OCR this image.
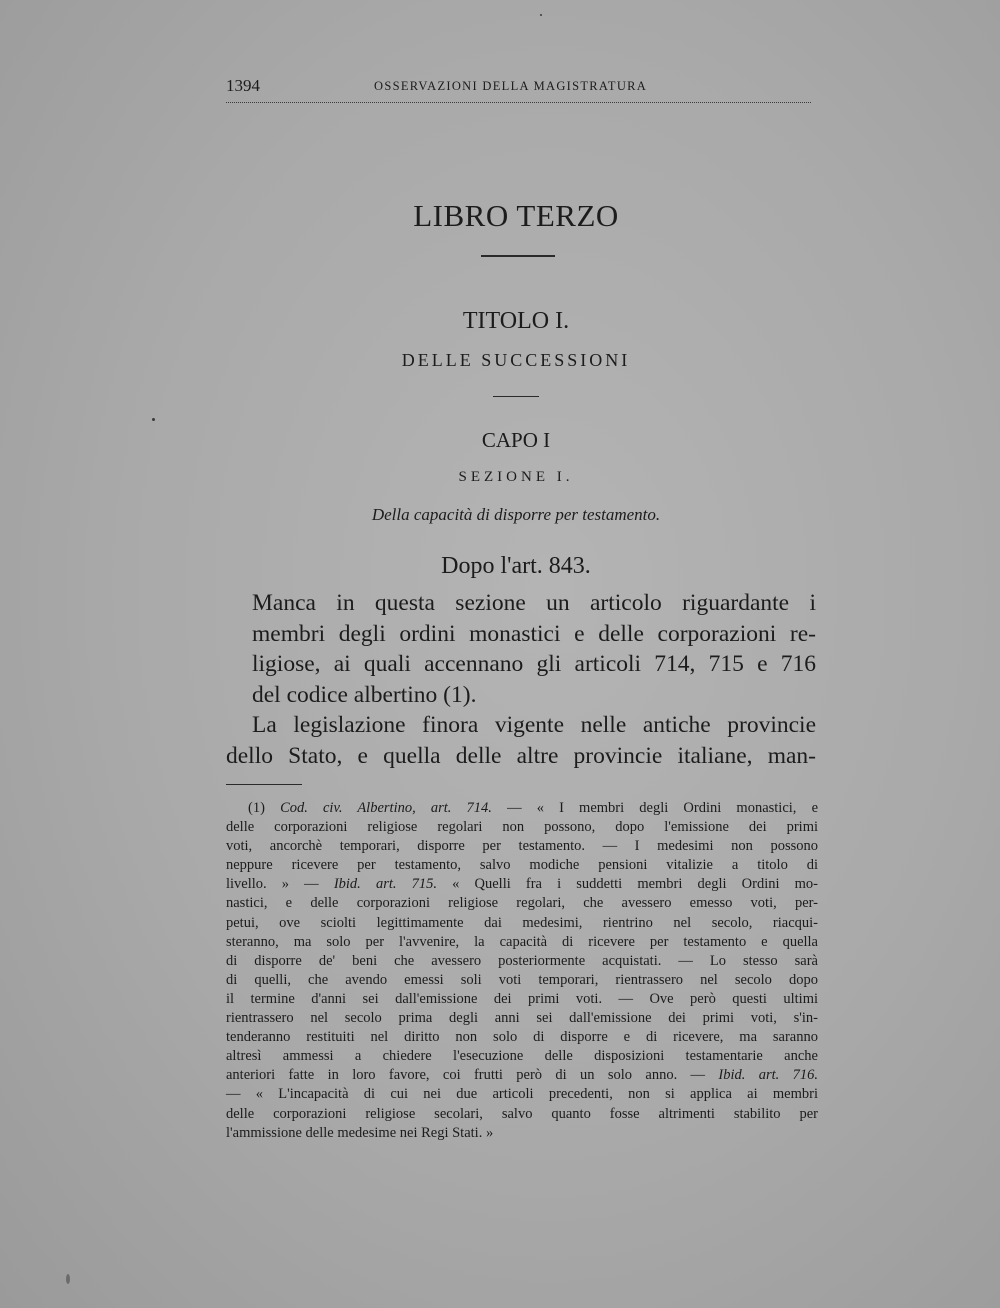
1394	OSSERVAZIONI DELLA MAGISTRATURA
LIBRO TERZO
TITOLO I.
DELLE SUCCESSIONI
CAPO I
SEZIONE I.
Della capacità di disporre per testamento.
Dopo l'art. 843.
Manca in questa sezione un articolo riguardante i
membri degli ordini monastici e delle corporazioni re-
ligiose, ai quali accennano gli articoli 714, 715 e 716
del codice albertino (1).
La legislazione finora vigente nelle antiche provincie
dello Stato, e quella delle altre provincie italiane, man-
(1) Cod. civ. Albertino, art. 714. — « I membri degli Ordini monastici, e
delle corporazioni religiose regolari non possono, dopo l'emissione dei primi
voti, ancorchè temporari, disporre per testamento. — I medesimi non possono
neppure ricevere per testamento, salvo modiche pensioni vitalizie a titolo di
livello. » — Ibid. art. 715. « Quelli fra i suddetti membri degli Ordini mo-
nastici, e delle corporazioni religiose regolari, che avessero emesso voti, per-
petui, ove sciolti legittimamente dai medesimi, rientrino nel secolo, riacqui-
steranno, ma solo per l'avvenire, la capacità di ricevere per testamento e quella
di disporre de' beni che avessero posteriormente acquistati. — Lo stesso sarà
di quelli, che avendo emessi soli voti temporari, rientrassero nel secolo dopo
il termine d'anni sei dall'emissione dei primi voti. — Ove però questi ultimi
rientrassero nel secolo prima degli anni sei dall'emissione dei primi voti, s'in-
tenderanno restituiti nel diritto non solo di disporre e di ricevere, ma saranno
altresì ammessi a chiedere l'esecuzione delle disposizioni testamentarie anche
anteriori fatte in loro favore, coi frutti però di un solo anno. — Ibid. art. 716.
— « L'incapacità di cui nei due articoli precedenti, non si applica ai membri
delle corporazioni religiose secolari, salvo quanto fosse altrimenti stabilito per
l'ammissione delle medesime nei Regi Stati. »
